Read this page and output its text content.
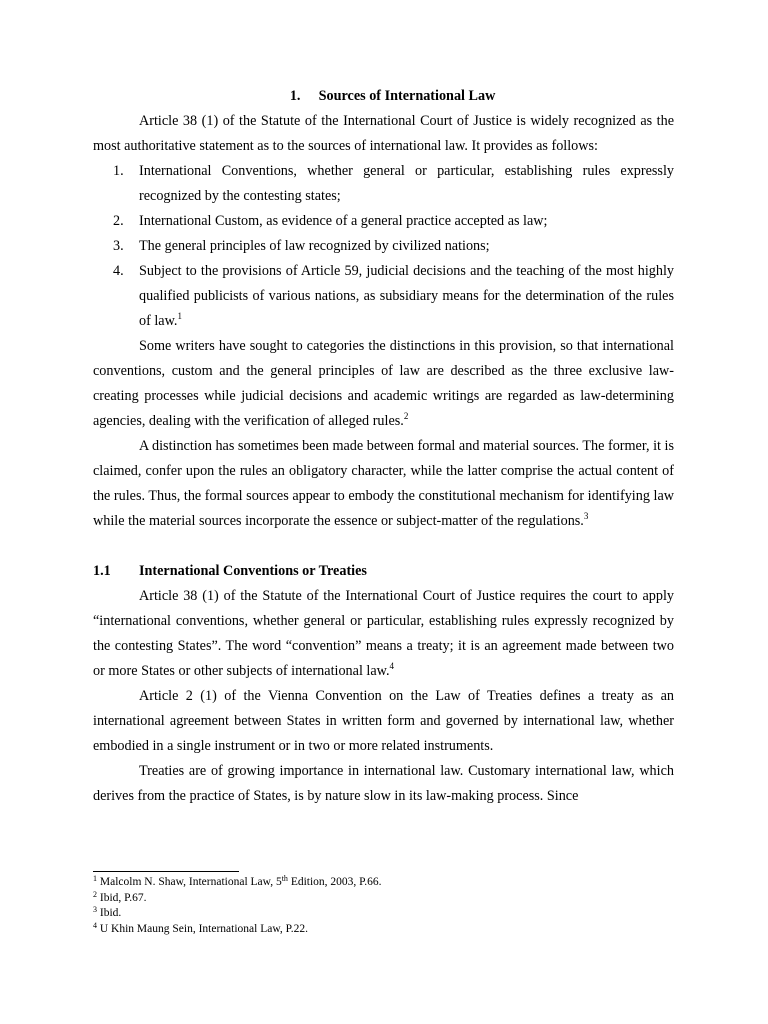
1. Sources of International Law

Article 38 (1) of the Statute of the International Court of Justice is widely recognized as the most authoritative statement as to the sources of international law. It provides as follows:

1. International Conventions, whether general or particular, establishing rules expressly recognized by the contesting states;
2. International Custom, as evidence of a general practice accepted as law;
3. The general principles of law recognized by civilized nations;
4. Subject to the provisions of Article 59, judicial decisions and the teaching of the most highly qualified publicists of various nations, as subsidiary means for the determination of the rules of law.$^1$

Some writers have sought to categories the distinctions in this provision, so that international conventions, custom and the general principles of law are described as the three exclusive law-creating processes while judicial decisions and academic writings are regarded as law-determining agencies, dealing with the verification of alleged rules.$^2$

A distinction has sometimes been made between formal and material sources. The former, it is claimed, confer upon the rules an obligatory character, while the latter comprise the actual content of the rules. Thus, the formal sources appear to embody the constitutional mechanism for identifying law while the material sources incorporate the essence or subject-matter of the regulations.$^3$

1.1 International Conventions or Treaties

Article 38 (1) of the Statute of the International Court of Justice requires the court to apply “international conventions, whether general or particular, establishing rules expressly recognized by the contesting States”. The word “convention” means a treaty; it is an agreement made between two or more States or other subjects of international law.$^4$

Article 2 (1) of the Vienna Convention on the Law of Treaties defines a treaty as an international agreement between States in written form and governed by international law, whether embodied in a single instrument or in two or more related instruments.

Treaties are of growing importance in international law. Customary international law, which derives from the practice of States, is by nature slow in its law-making process. Since

$^1$ Malcolm N. Shaw, International Law, 5th Edition, 2003, P.66.
$^2$ Ibid, P.67.
$^3$ Ibid.
$^4$ U Khin Maung Sein, International Law, P.22.
